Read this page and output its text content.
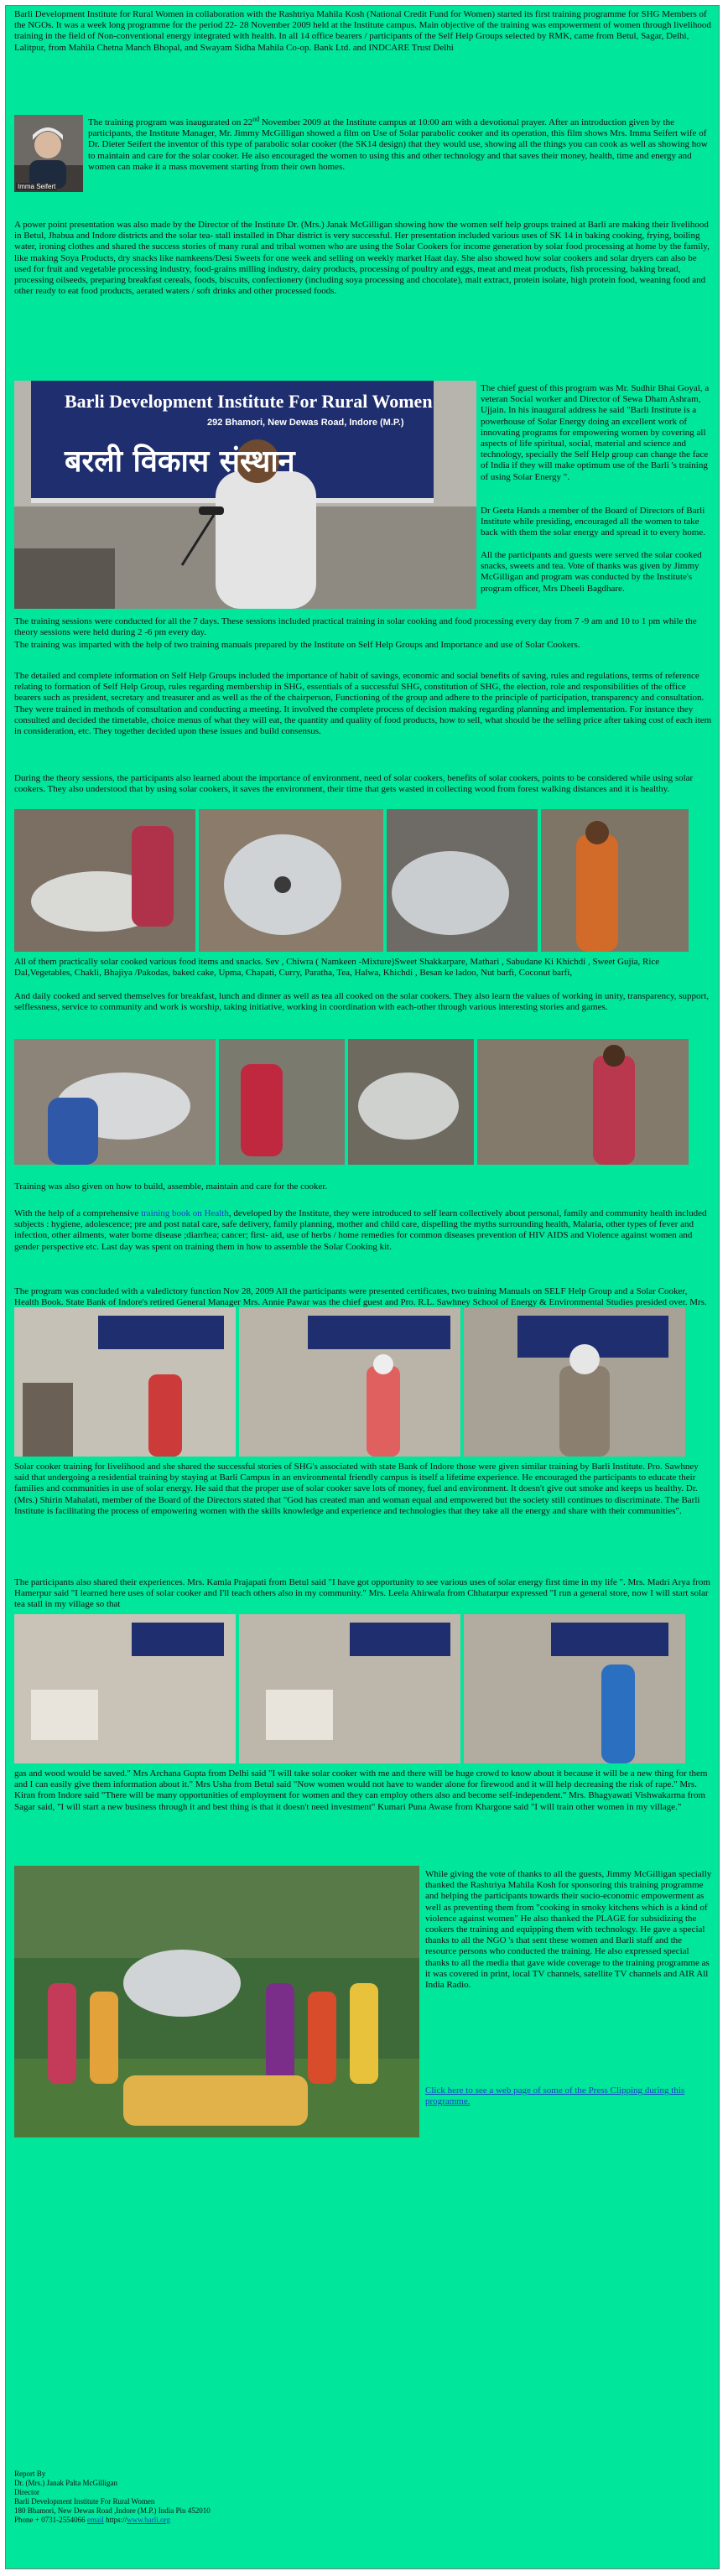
Barli Development Institute for Rural Women in collaboration with the Rashtriya Mahila Kosh (National Credit Fund for Women) started its first training programme for SHG Members of the NGOs. It was a week long programme for the period 22- 28 November 2009 held at the Institute campus. Main objective of the training was empowerment of women through livelihood training in the field of Non-conventional energy integrated with health. In all 14 office bearers / participants of the Self Help Groups selected by RMK, came from Betul, Sagar, Delhi, Lalitpur, from Mahila Chetna Manch Bhopal, and Swayam Sidha Mahila Co-op. Bank Ltd. and INDCARE Trust Delhi

Imma Seifert

The training program was inaugurated on 22nd November 2009 at the Institute campus at 10:00 am with a devotional prayer. After an introduction given by the participants, the Institute Manager, Mr. Jimmy McGilligan showed a film on Use of Solar parabolic cooker and its operation, this film shows Mrs. Imma Seifert wife of Dr. Dieter Seifert the inventor of this type of parabolic solar cooker (the SK14 design) that they would use, showing all the things you can cook as well as showing how to maintain and care for the solar cooker. He also encouraged the women to using this and other technology and that saves their money, health, time and energy and women can make it a mass movement starting from their own homes.

A power point presentation was also made by the Director of the Institute Dr. (Mrs.) Janak McGilligan showing how the women self help groups trained at Barli are making their livelihood in Betul, Jhabua and Indore districts and the solar tea- stall installed in Dhar district is very successful. Her presentation included various uses of SK 14 in baking cooking, frying, boiling water, ironing clothes and shared the success stories of many rural and tribal women who are using the Solar Cookers for income generation by solar food processing at home by the family, like making Soya Products, dry snacks like namkeens/Desi Sweets for one week and selling on weekly market Haat day. She also showed how solar cookers and solar dryers can also be used for fruit and vegetable processing industry, food-grains milling industry, dairy products, processing of poultry and eggs, meat and meat products, fish processing, baking bread, processing oilseeds, preparing breakfast cereals, foods, biscuits, confectionery (including soya processing and chocolate), malt extract, protein isolate, high protein food, weaning food and other ready to eat food products, aerated waters / soft drinks and other processed foods.

Barli Development Institute For Rural Women
292 Bhamori, New Dewas Road, Indore (M.P.)
बरली विकास संस्थान

The chief guest of this program was Mr. Sudhir Bhai Goyal, a veteran Social worker and Director of Sewa Dham Ashram, Ujjain. In his inaugural address he said "Barli Institute is a powerhouse of Solar Energy doing an excellent work of innovating programs for empowering women by covering all aspects of life spiritual, social, material and science and technology, specially the Self Help group can change the face of India if they will make optimum use of the Barli 's training of using Solar Energy ".

Dr Geeta Hands a member of the Board of Directors of Barli Institute while presiding, encouraged all the women to take back with them the solar energy and spread it to every home.

All the participants and guests were served the solar cooked snacks, sweets and tea. Vote of thanks was given by Jimmy McGilligan and program was conducted by the Institute's program officer, Mrs Dheeli Bagdhare.

The training sessions were conducted for all the 7 days. These sessions included practical training in solar cooking and food processing every day from 7 -9 am and 10 to 1 pm while the theory sessions were held during 2 -6 pm every day.

The training was imparted with the help of two training manuals prepared by the Institute on Self Help Groups and Importance and use of Solar Cookers.

The detailed and complete information on Self Help Groups included the importance of habit of savings, economic and social benefits of saving, rules and regulations, terms of reference relating to formation of Self Help Group, rules regarding membership in SHG, essentials of a successful SHG, constitution of SHG, the election, role and responsibilities of the office bearers such as president, secretary and treasurer and as well as the of the chairperson, Functioning of the group and adhere to the principle of participation, transparency and consultation. They were trained in methods of consultation and conducting a meeting. It involved the complete process of decision making regarding planning and implementation. For instance they consulted and decided the timetable, choice menus of what they will eat, the quantity and quality of food products, how to sell, what should be the selling price after taking cost of each item in consideration, etc. They together decided upon these issues and build consensus.

During the theory sessions, the participants also learned about the importance of environment, need of solar cookers, benefits of solar cookers, points to be considered while using solar cookers. They also understood that by using solar cookers, it saves the environment, their time that gets wasted in collecting wood from forest walking distances and it is healthy.

All of them practically solar cooked various food items and snacks. Sev , Chiwra ( Namkeen -Mixture)Sweet Shakkarpare, Mathari , Sabudane Ki Khichdi , Sweet Gujia, Rice Dal,Vegetables, Chakli, Bhajiya /Pakodas, baked cake, Upma, Chapati, Curry, Paratha, Tea, Halwa, Khichdi , Besan ke ladoo, Nut barfi, Coconut barfi,

And daily cooked and served themselves for breakfast, lunch and dinner as well as tea all cooked on the solar cookers. They also learn the values of working in unity, transparency, support, selflessness, service to community and work is worship, taking initiative, working in coordination with each-other through various interesting stories and games.

Training was also given on how to build, assemble, maintain and care for the cooker.

With the help of a comprehensive training book on Health, developed by the Institute, they were introduced to self learn collectively about personal, family and community health included subjects : hygiene, adolescence; pre and post natal care, safe delivery, family planning, mother and child care, dispelling the myths surrounding health, Malaria, other types of fever and infection, other ailments, water borne disease ;diarrhea; cancer; first- aid, use of herbs / home remedies for common diseases prevention of HIV AIDS and Violence against women and gender perspective etc. Last day was spent on training them in how to assemble the Solar Cooking kit.

The program was concluded with a valedictory function Nov 28, 2009 All the participants were presented certificates, two training Manuals on SELF Help Group and a Solar Cooker, Health Book. State Bank of Indore's retired General Manager Mrs. Annie Pawar was the chief guest and Pro. R.L. Sawhney School of Energy & Environmental Studies presided over. Mrs.

Solar cooker training for livelihood and she shared the successful stories of SHG's associated with state Bank of Indore those were given similar training by Barli Institute. Pro. Sawhney said that undergoing a residential training by staying at Barli Campus in an environmental friendly campus is itself a lifetime experience. He encouraged the participants to educate their families and communities in use of solar energy. He said that the proper use of solar cooker save lots of money, fuel and environment. It doesn't give out smoke and keeps us healthy. Dr. (Mrs.) Shirin Mahalati, member of the Board of the Directors stated that "God has created man and woman equal and empowered but the society still continues to discriminate. The Barli Institute is facilitating the process of empowering women with the skills knowledge and experience and technologies that they take all the energy and share with their communities".

The participants also shared their experiences. Mrs. Kamla Prajapati from Betul said "I have got opportunity to see various uses of solar energy first time in my life ". Mrs. Madri Arya from Hamerpur said "I learned here uses of solar cooker and I'll teach others also in my community." Mrs. Leela Ahirwala from Chhatarpur expressed "I run a general store, now I will start solar tea stall in my village so that

gas and wood would be saved." Mrs Archana Gupta from Delhi said "I will take solar cooker with me and there will be huge crowd to know about it because it will be a new thing for them and I can easily give them information about it." Mrs Usha from Betul said "Now women would not have to wander alone for firewood and it will help decreasing the risk of rape." Mrs. Kiran from Indore said "There will be many opportunities of employment for women and they can employ others also and become self-independent." Mrs. Bhagyawati Vishwakarma from Sagar said, "I will start a new business through it and best thing is that it doesn't need investment" Kumari Puna Awase from Khargone said "I will train other women in my village."

While giving the vote of thanks to all the guests, Jimmy McGilligan specially thanked the Rashtriya Mahila Kosh for sponsoring this training programme and helping the participants towards their socio-economic empowerment as well as preventing them from "cooking in smoky kitchens which is a kind of violence against women" He also thanked the PLAGE for subsidizing the cookers the training and equipping them with technology. He gave a special thanks to all the NGO 's that sent these women and Barli staff and the resource persons who conducted the training. He also expressed special thanks to all the media that gave wide coverage to the training programme as it was covered in print, local TV channels, satellite TV channels and AIR All India Radio.

Click here to see a web page of some of the Press Clipping during this programme.

Report By
Dr. (Mrs.) Janak Palta McGilligan
Director
Barli Development Institute For Rural Women
180 Bhamori, New Dewas Road ,Indore (M.P.) India Pin 452010
Phone + 0731-2554066 email https://www.barli.org
